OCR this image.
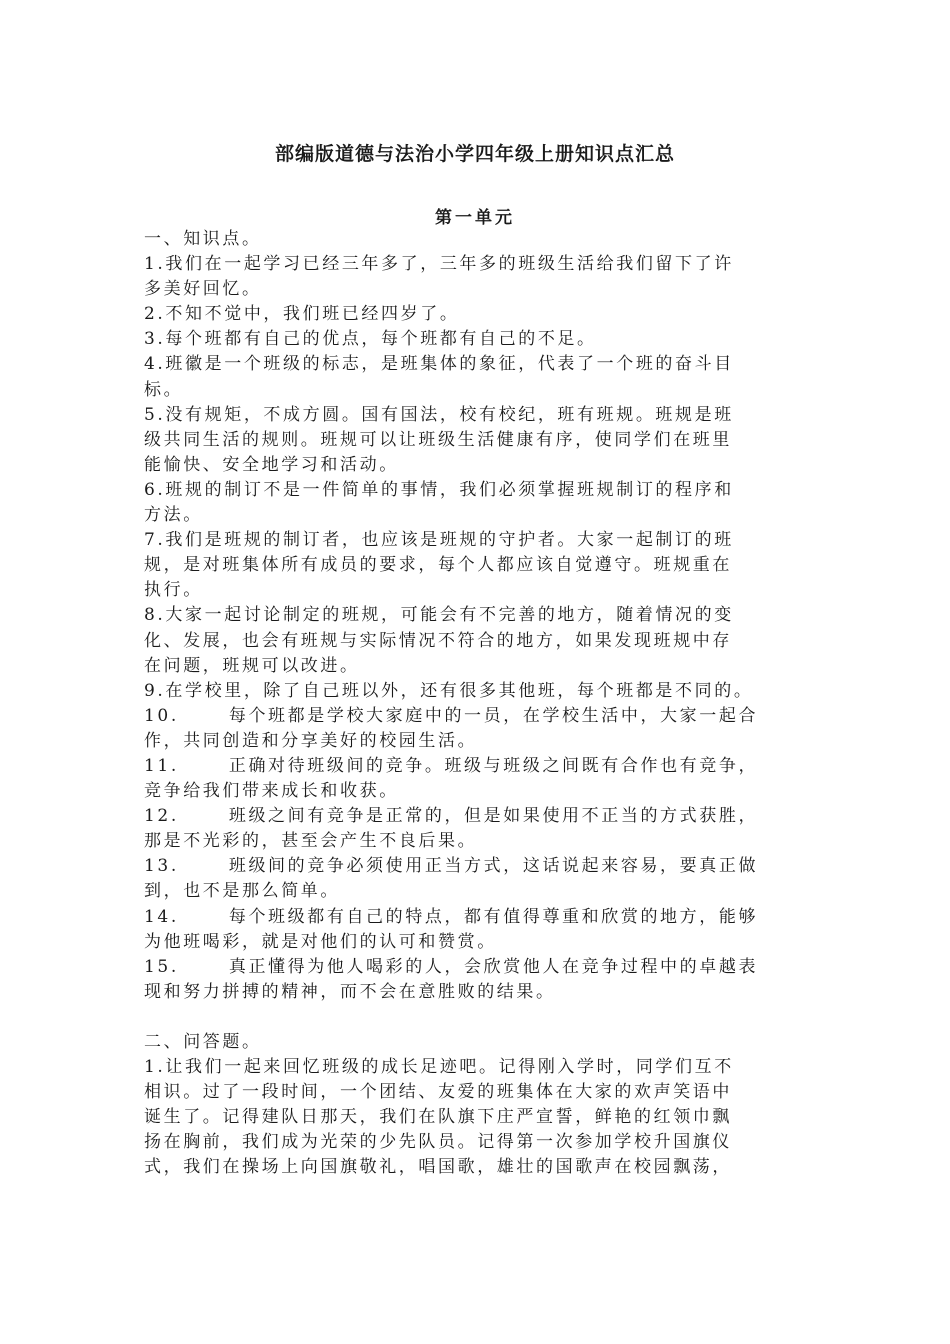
部编版道德与法治小学四年级上册知识点汇总
第一单元
一、知识点。
1.我们在一起学习已经三年多了，三年多的班级生活给我们留下了许
多美好回忆。
2.不知不觉中，我们班已经四岁了。
3.每个班都有自己的优点，每个班都有自己的不足。
4.班徽是一个班级的标志，是班集体的象征，代表了一个班的奋斗目
标。
5.没有规矩，不成方圆。国有国法，校有校纪，班有班规。班规是班
级共同生活的规则。班规可以让班级生活健康有序，使同学们在班里
能愉快、安全地学习和活动。
6.班规的制订不是一件简单的事情，我们必须掌握班规制订的程序和
方法。
7.我们是班规的制订者，也应该是班规的守护者。大家一起制订的班
规，是对班集体所有成员的要求，每个人都应该自觉遵守。班规重在
执行。
8.大家一起讨论制定的班规，可能会有不完善的地方，随着情况的变
化、发展，也会有班规与实际情况不符合的地方，如果发现班规中存
在问题，班规可以改进。
9.在学校里，除了自己班以外，还有很多其他班，每个班都是不同的。
10.	每个班都是学校大家庭中的一员，在学校生活中，大家一起合
作，共同创造和分享美好的校园生活。
11.	正确对待班级间的竞争。班级与班级之间既有合作也有竞争，
竞争给我们带来成长和收获。
12.	班级之间有竞争是正常的，但是如果使用不正当的方式获胜，
那是不光彩的，甚至会产生不良后果。
13.	班级间的竞争必须使用正当方式，这话说起来容易，要真正做
到，也不是那么简单。
14.	每个班级都有自己的特点，都有值得尊重和欣赏的地方，能够
为他班喝彩，就是对他们的认可和赞赏。
15.	真正懂得为他人喝彩的人，会欣赏他人在竞争过程中的卓越表
现和努力拼搏的精神，而不会在意胜败的结果。
二、问答题。
1.让我们一起来回忆班级的成长足迹吧。记得刚入学时，同学们互不
相识。过了一段时间，一个团结、友爱的班集体在大家的欢声笑语中
诞生了。记得建队日那天，我们在队旗下庄严宣誓，鲜艳的红领巾飘
扬在胸前，我们成为光荣的少先队员。记得第一次参加学校升国旗仪
式，我们在操场上向国旗敬礼，唱国歌，雄壮的国歌声在校园飘荡，
